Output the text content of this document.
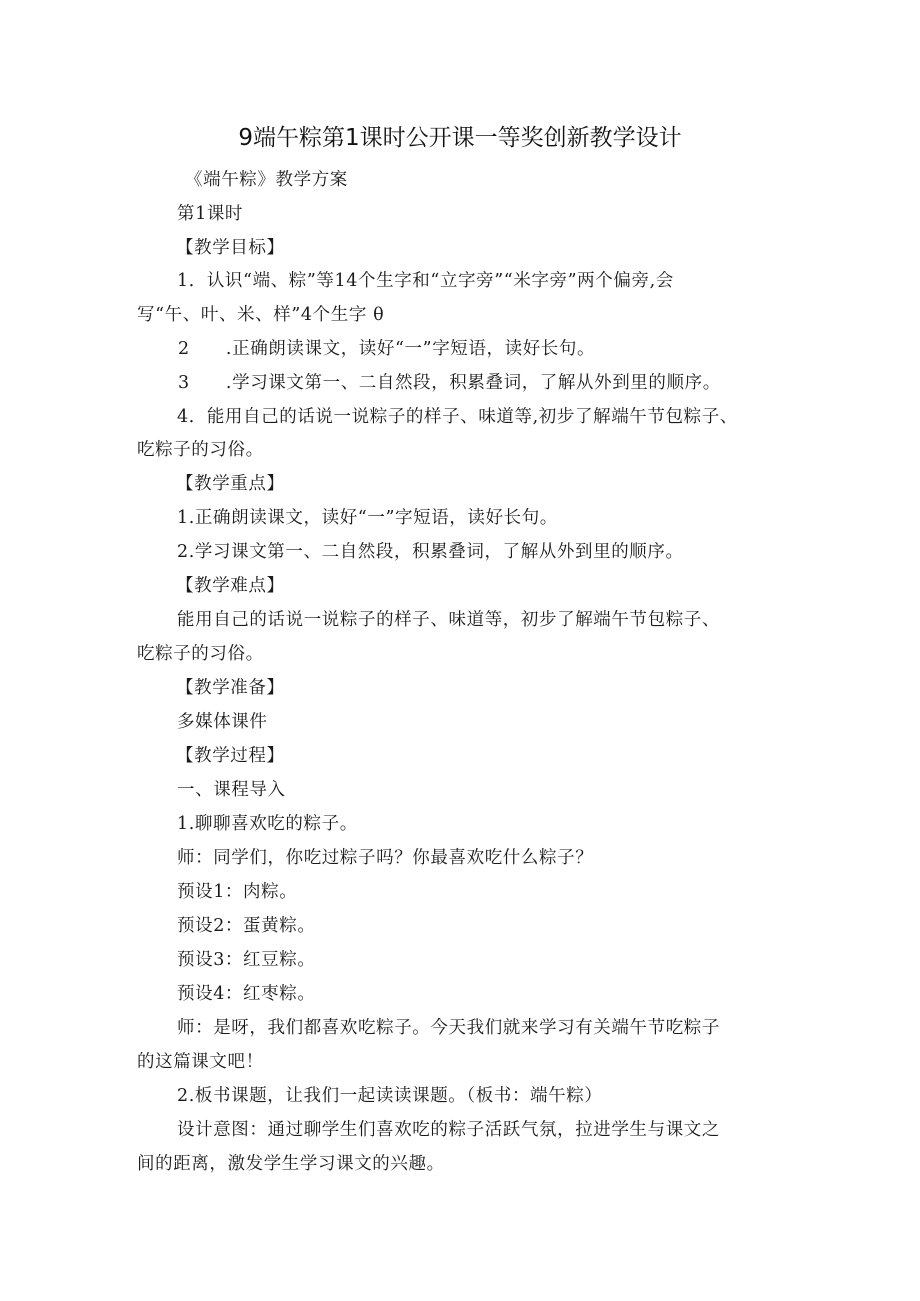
9端午粽第1课时公开课一等奖创新教学设计
《端午粽》教学方案
第1课时
【教学目标】
1．认识“端、粽”等14个生字和“立字旁”“米字旁”两个偏旁,会
写“午、叶、米、样”4个生字 θ
2　　.正确朗读课文，读好“一”字短语，读好长句。
3　　.学习课文第一、二自然段，积累叠词，了解从外到里的顺序。
4．能用自己的话说一说粽子的样子、味道等,初步了解端午节包粽子、
吃粽子的习俗。
【教学重点】
1.正确朗读课文，读好“一”字短语，读好长句。
2.学习课文第一、二自然段，积累叠词，了解从外到里的顺序。
【教学难点】
能用自己的话说一说粽子的样子、味道等，初步了解端午节包粽子、
吃粽子的习俗。
【教学准备】
多媒体课件
【教学过程】
一、课程导入
1.聊聊喜欢吃的粽子。
师：同学们，你吃过粽子吗？你最喜欢吃什么粽子？
预设1：肉粽。
预设2：蛋黄粽。
预设3：红豆粽。
预设4：红枣粽。
师：是呀，我们都喜欢吃粽子。今天我们就来学习有关端午节吃粽子
的这篇课文吧！
2.板书课题，让我们一起读读课题。（板书：端午粽）
设计意图：通过聊学生们喜欢吃的粽子活跃气氛，拉进学生与课文之
间的距离，激发学生学习课文的兴趣。
